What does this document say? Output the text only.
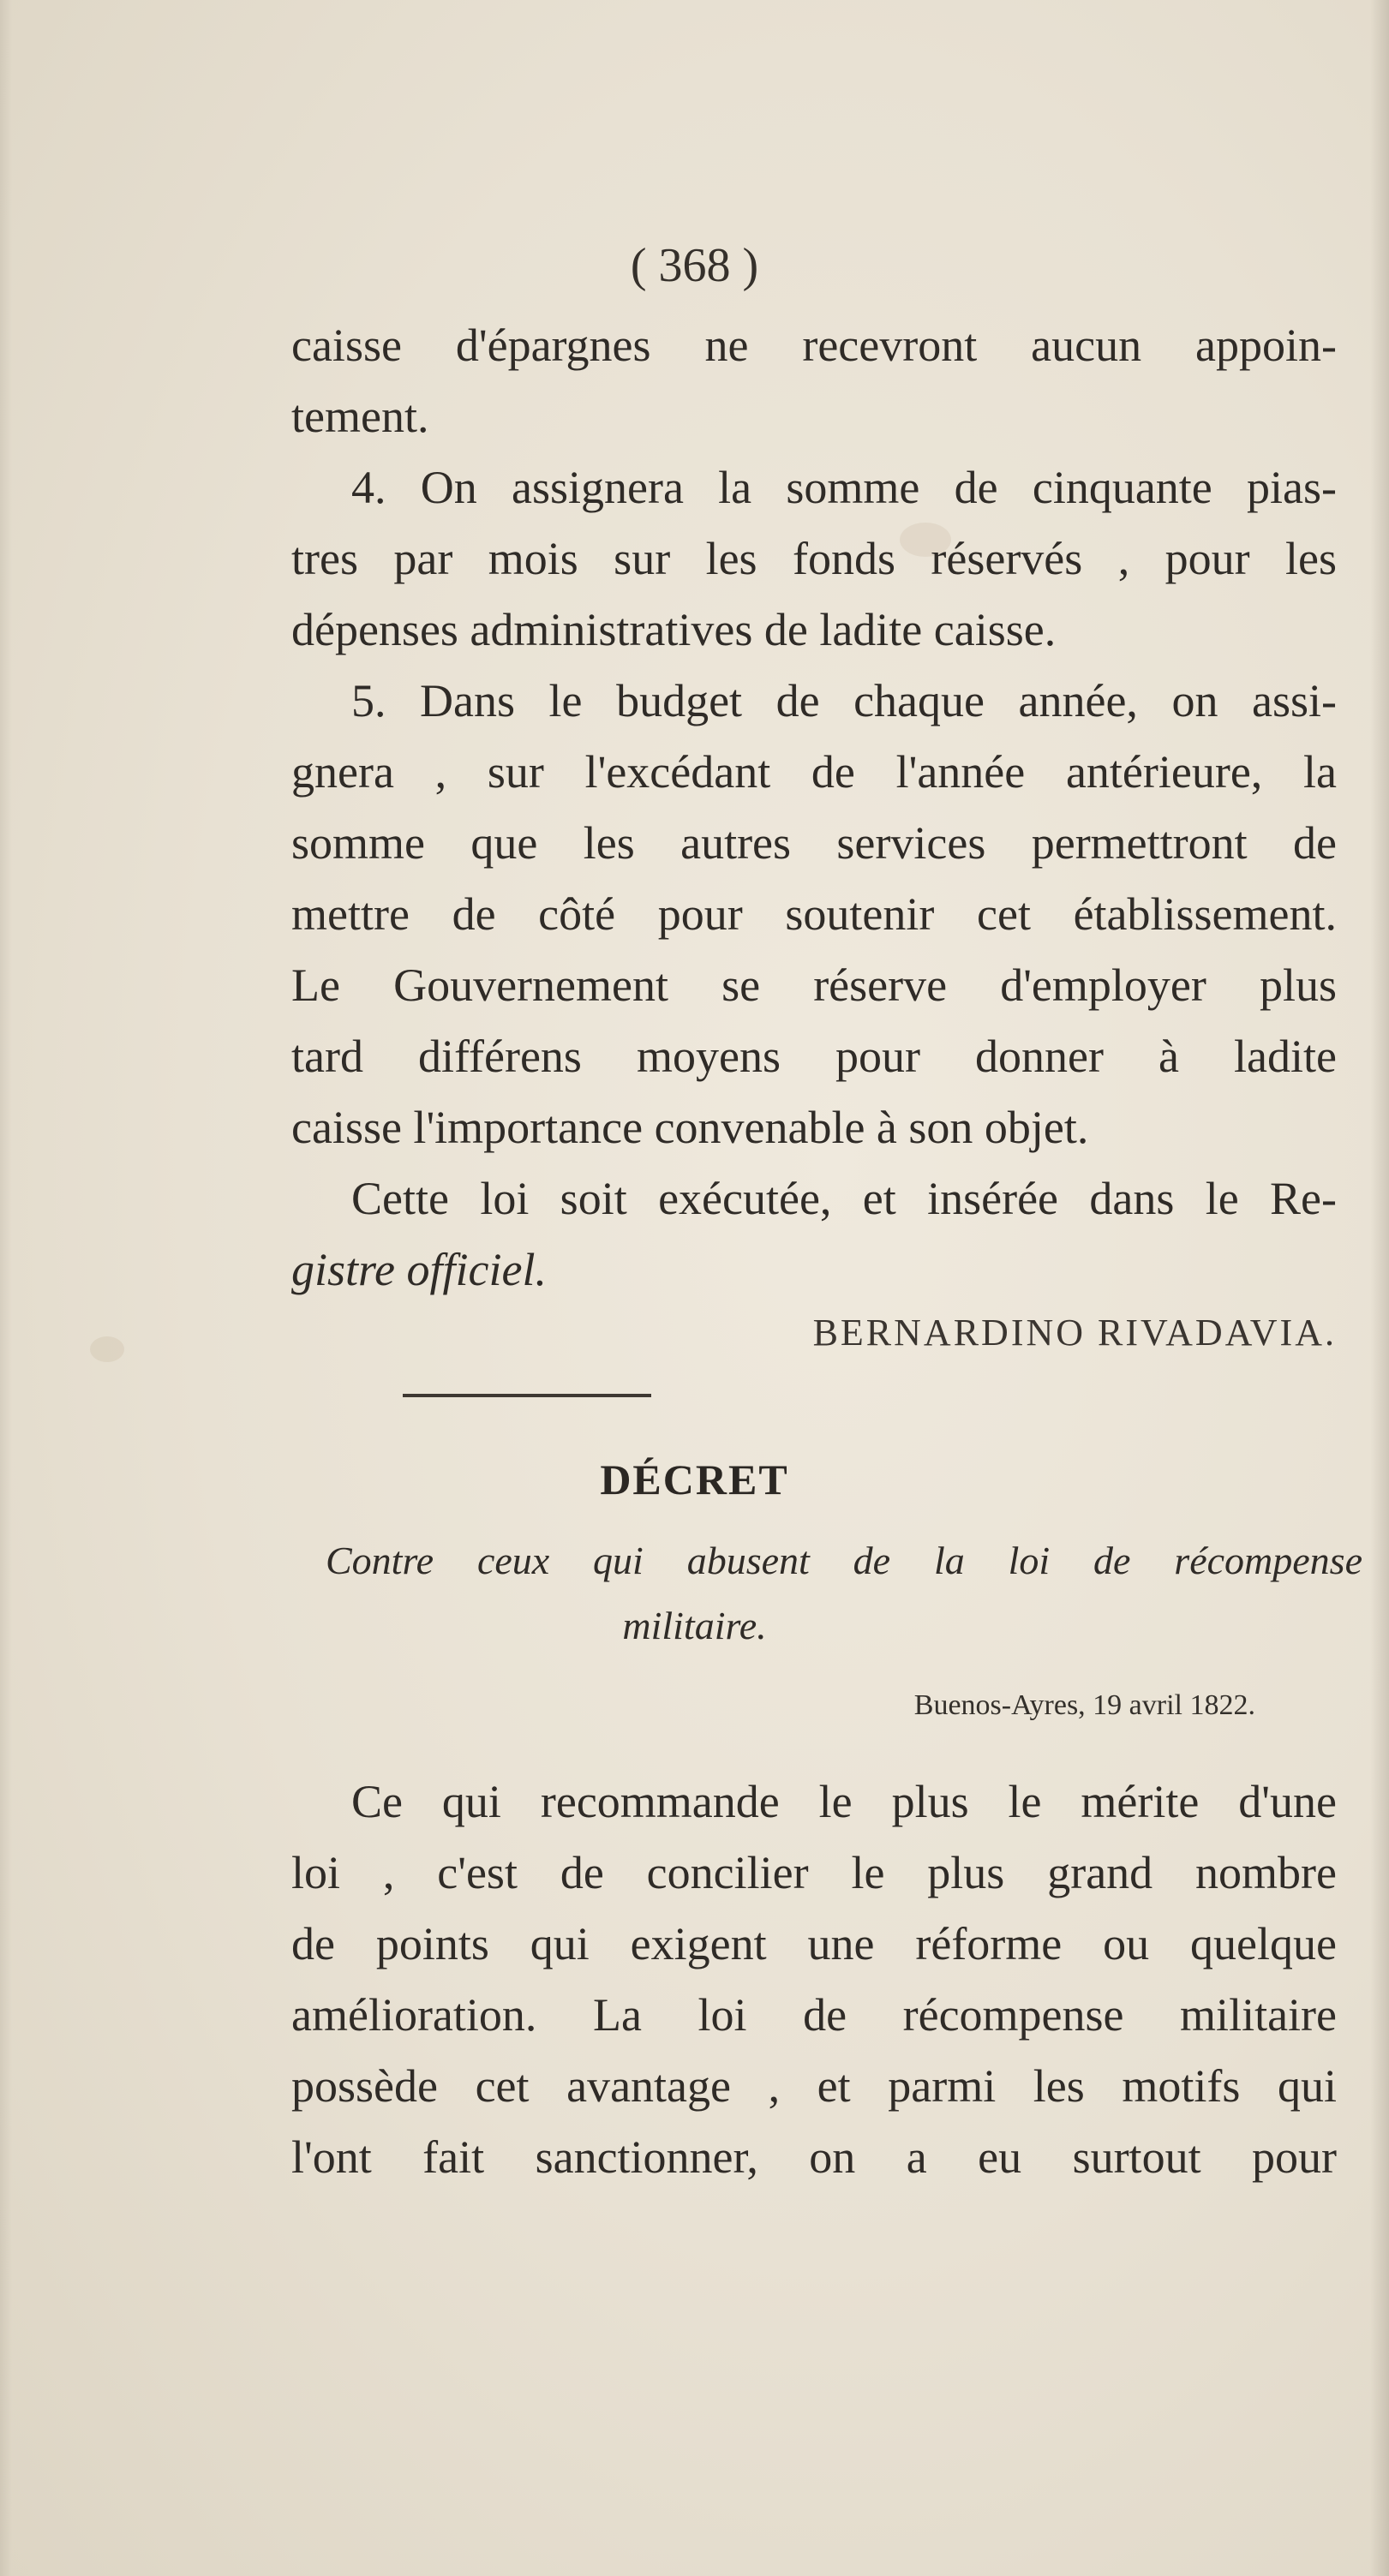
( 368 )
caisse d'épargnes ne recevront aucun appoin-
tement.
4. On assignera la somme de cinquante pias-
tres par mois sur les fonds réservés , pour les
dépenses administratives de ladite caisse.
5. Dans le budget de chaque année, on assi-
gnera , sur l'excédant de l'année antérieure, la
somme que les autres services permettront de
mettre de côté pour soutenir cet établissement.
Le Gouvernement se réserve d'employer plus
tard différens moyens pour donner à ladite
caisse l'importance convenable à son objet.
Cette loi soit exécutée, et insérée dans le Re-
gistre officiel.
BERNARDINO RIVADAVIA.
Ce qui recommande le plus le mérite d'une
loi , c'est de concilier le plus grand nombre
de points qui exigent une réforme ou quelque
amélioration. La loi de récompense militaire
possède cet avantage , et parmi les motifs qui
l'ont fait sanctionner, on a eu surtout pour
DÉCRET
Contre ceux qui abusent de la loi de récompense
militaire.
Buenos-Ayres, 19 avril 1822.
